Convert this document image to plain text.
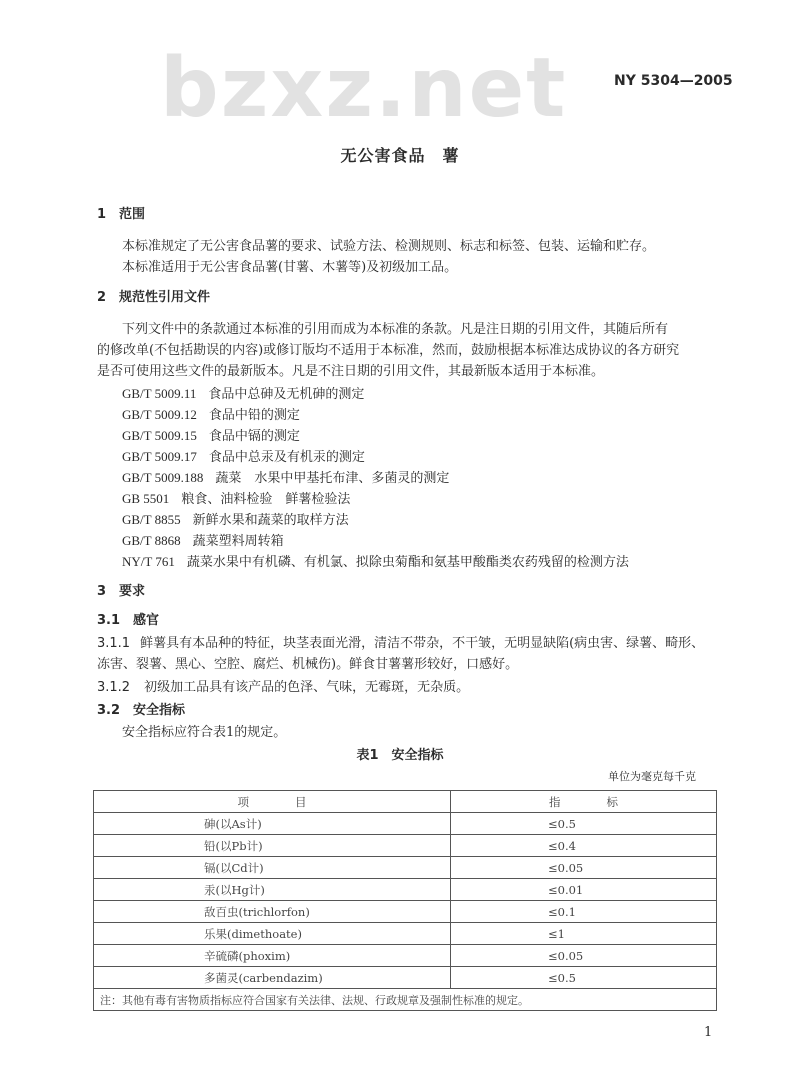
bzxz.net	NY 5304—2005
无公害食品　薯
1　范围
本标准规定了无公害食品薯的要求、试验方法、检测规则、标志和标签、包装、运输和贮存。
本标准适用于无公害食品薯(甘薯、木薯等)及初级加工品。
2　规范性引用文件
下列文件中的条款通过本标准的引用而成为本标准的条款。凡是注日期的引用文件，其随后所有
的修改单(不包括勘误的内容)或修订版均不适用于本标准，然而，鼓励根据本标准达成协议的各方研究
是否可使用这些文件的最新版本。凡是不注日期的引用文件，其最新版本适用于本标准。
GB/T 5009.11 食品中总砷及无机砷的测定
GB/T 5009.12 食品中铅的测定
GB/T 5009.15 食品中镉的测定
GB/T 5009.17 食品中总汞及有机汞的测定
GB/T 5009.188 蔬菜　水果中甲基托布津、多菌灵的测定
GB 5501 粮食、油料检验　鲜薯检验法
GB/T 8855 新鲜水果和蔬菜的取样方法
GB/T 8868 蔬菜塑料周转箱
NY/T 761 蔬菜水果中有机磷、有机氯、拟除虫菊酯和氨基甲酸酯类农药残留的检测方法
3　要求
3.1　感官
3.1.1 鲜薯具有本品种的特征，块茎表面光滑，清洁不带杂，不干皱，无明显缺陷(病虫害、绿薯、畸形、
冻害、裂薯、黑心、空腔、腐烂、机械伤)。鲜食甘薯薯形较好，口感好。
3.1.2 初级加工品具有该产品的色泽、气味，无霉斑，无杂质。
3.2　安全指标
安全指标应符合表1的规定。
表1　安全指标
单位为毫克每千克
项　　　　目	指　　　　标
砷(以As计)	≤0.5
铅(以Pb计)	≤0.4
镉(以Cd计)	≤0.05
汞(以Hg计)	≤0.01
敌百虫(trichlorfon)	≤0.1
乐果(dimethoate)	≤1
辛硫磷(phoxim)	≤0.05
多菌灵(carbendazim)	≤0.5
注：其他有毒有害物质指标应符合国家有关法律、法规、行政规章及强制性标准的规定。	
1
